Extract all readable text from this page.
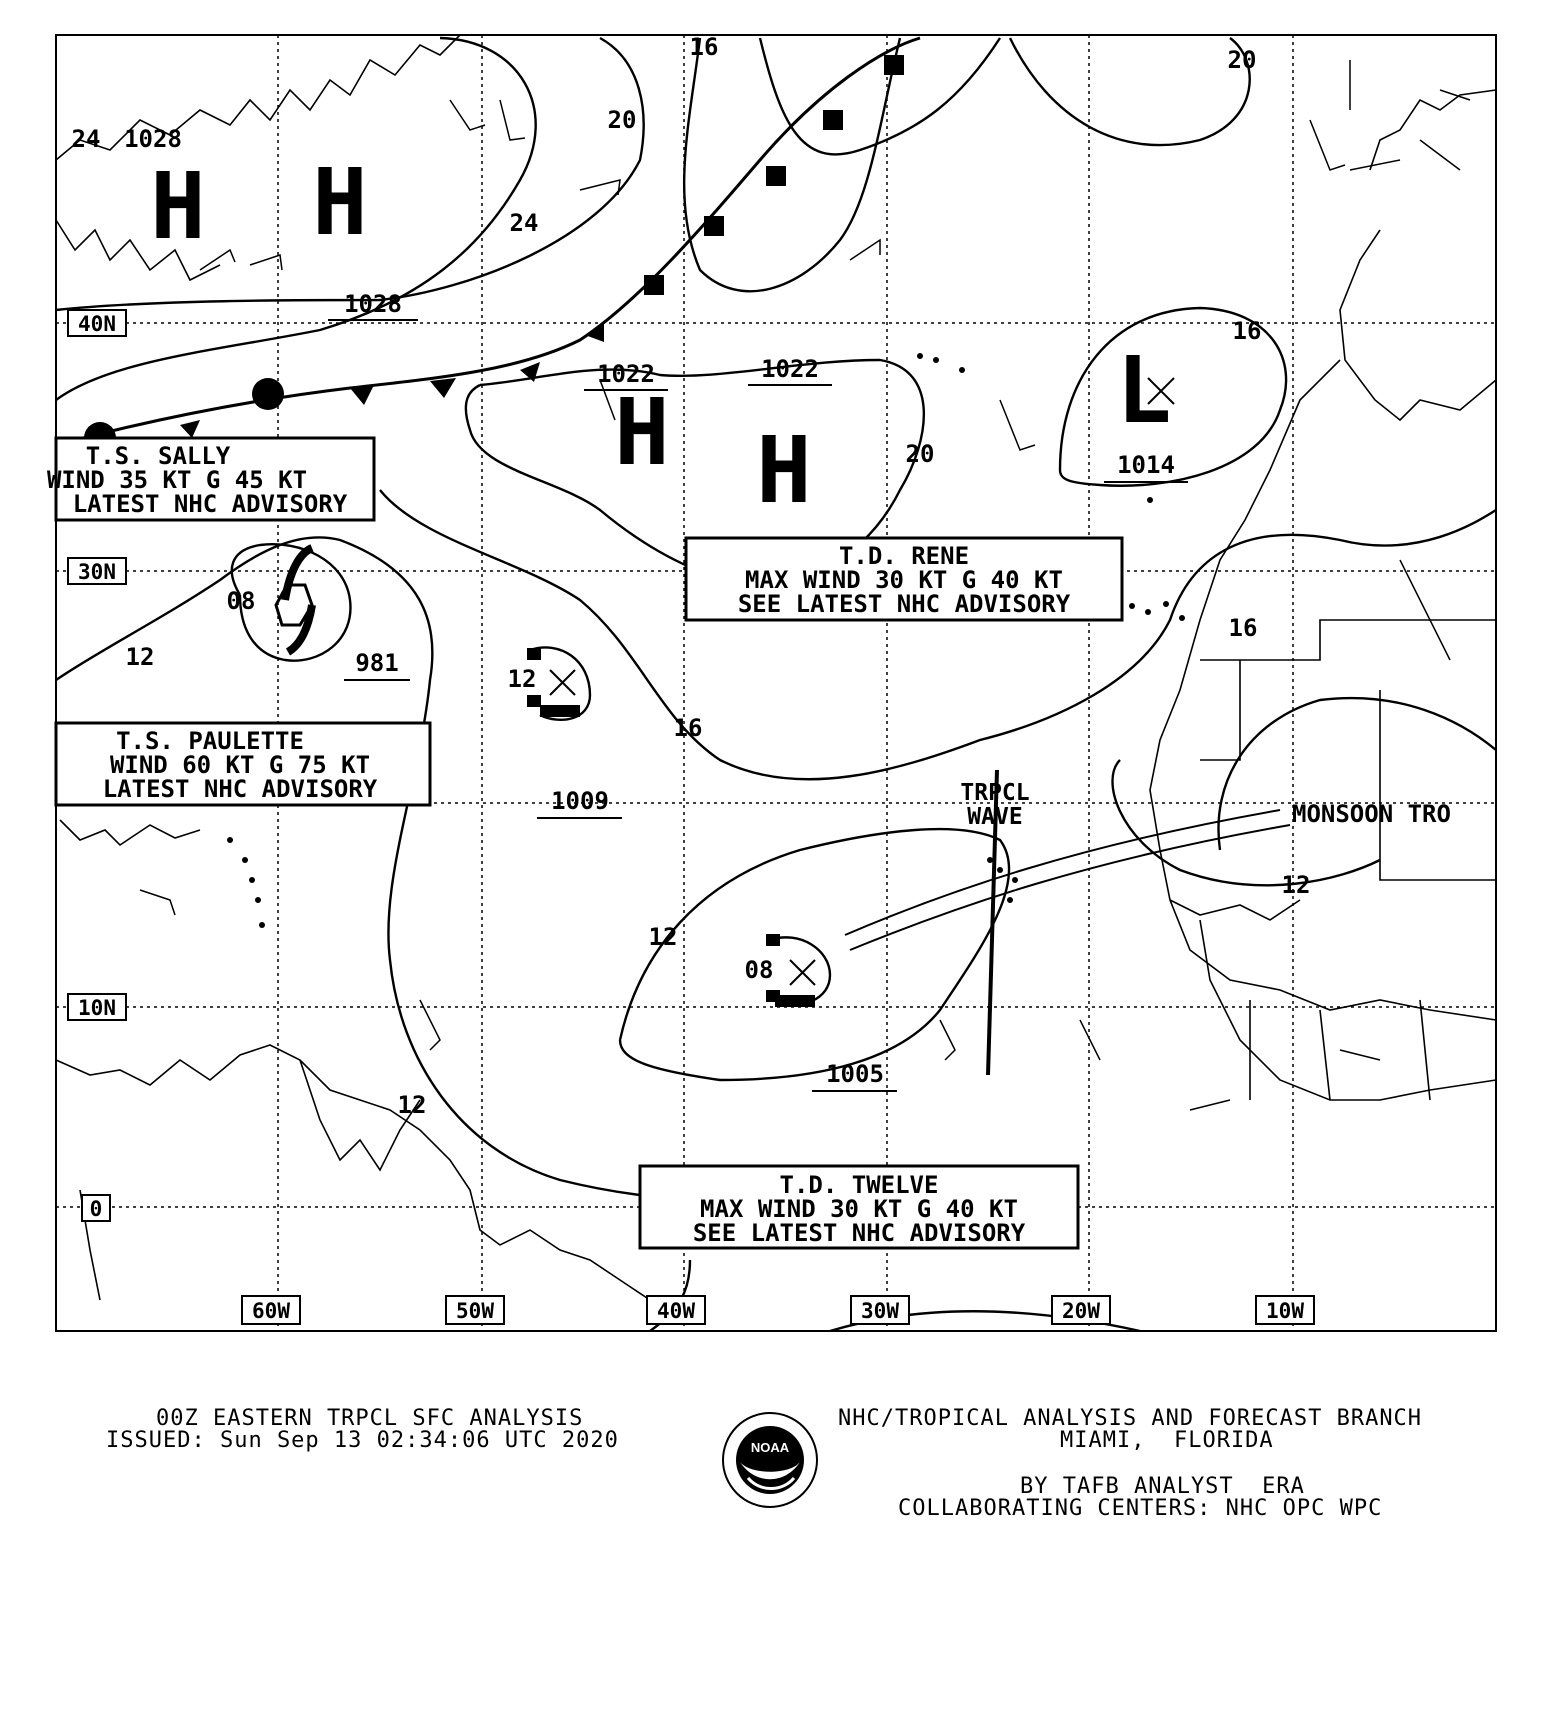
40N
30N
10N
0
60W	50W	40W	30W	20W	10W
H H
H H
L
1028
1028
1022	1022
1014
981
1009
1005
24
20
16	20
24
20
16
16
12
08
12
16
12
12
08
12
T.S. SALLY
WIND 35 KT G 45 KT
LATEST NHC ADVISORY
T.S. PAULETTE
WIND 60 KT G 75 KT
LATEST NHC ADVISORY
T.D. RENE
MAX WIND 30 KT G 40 KT
SEE LATEST NHC ADVISORY
T.D. TWELVE
MAX WIND 30 KT G 40 KT
SEE LATEST NHC ADVISORY
TRPCL
WAVE	MONSOON TRO
NOAA
00Z EASTERN TRPCL SFC ANALYSIS
ISSUED: Sun Sep 13 02:34:06 UTC 2020
NHC/TROPICAL ANALYSIS AND FORECAST BRANCH
MIAMI,  FLORIDA
BY TAFB ANALYST  ERA
COLLABORATING CENTERS: NHC OPC WPC
